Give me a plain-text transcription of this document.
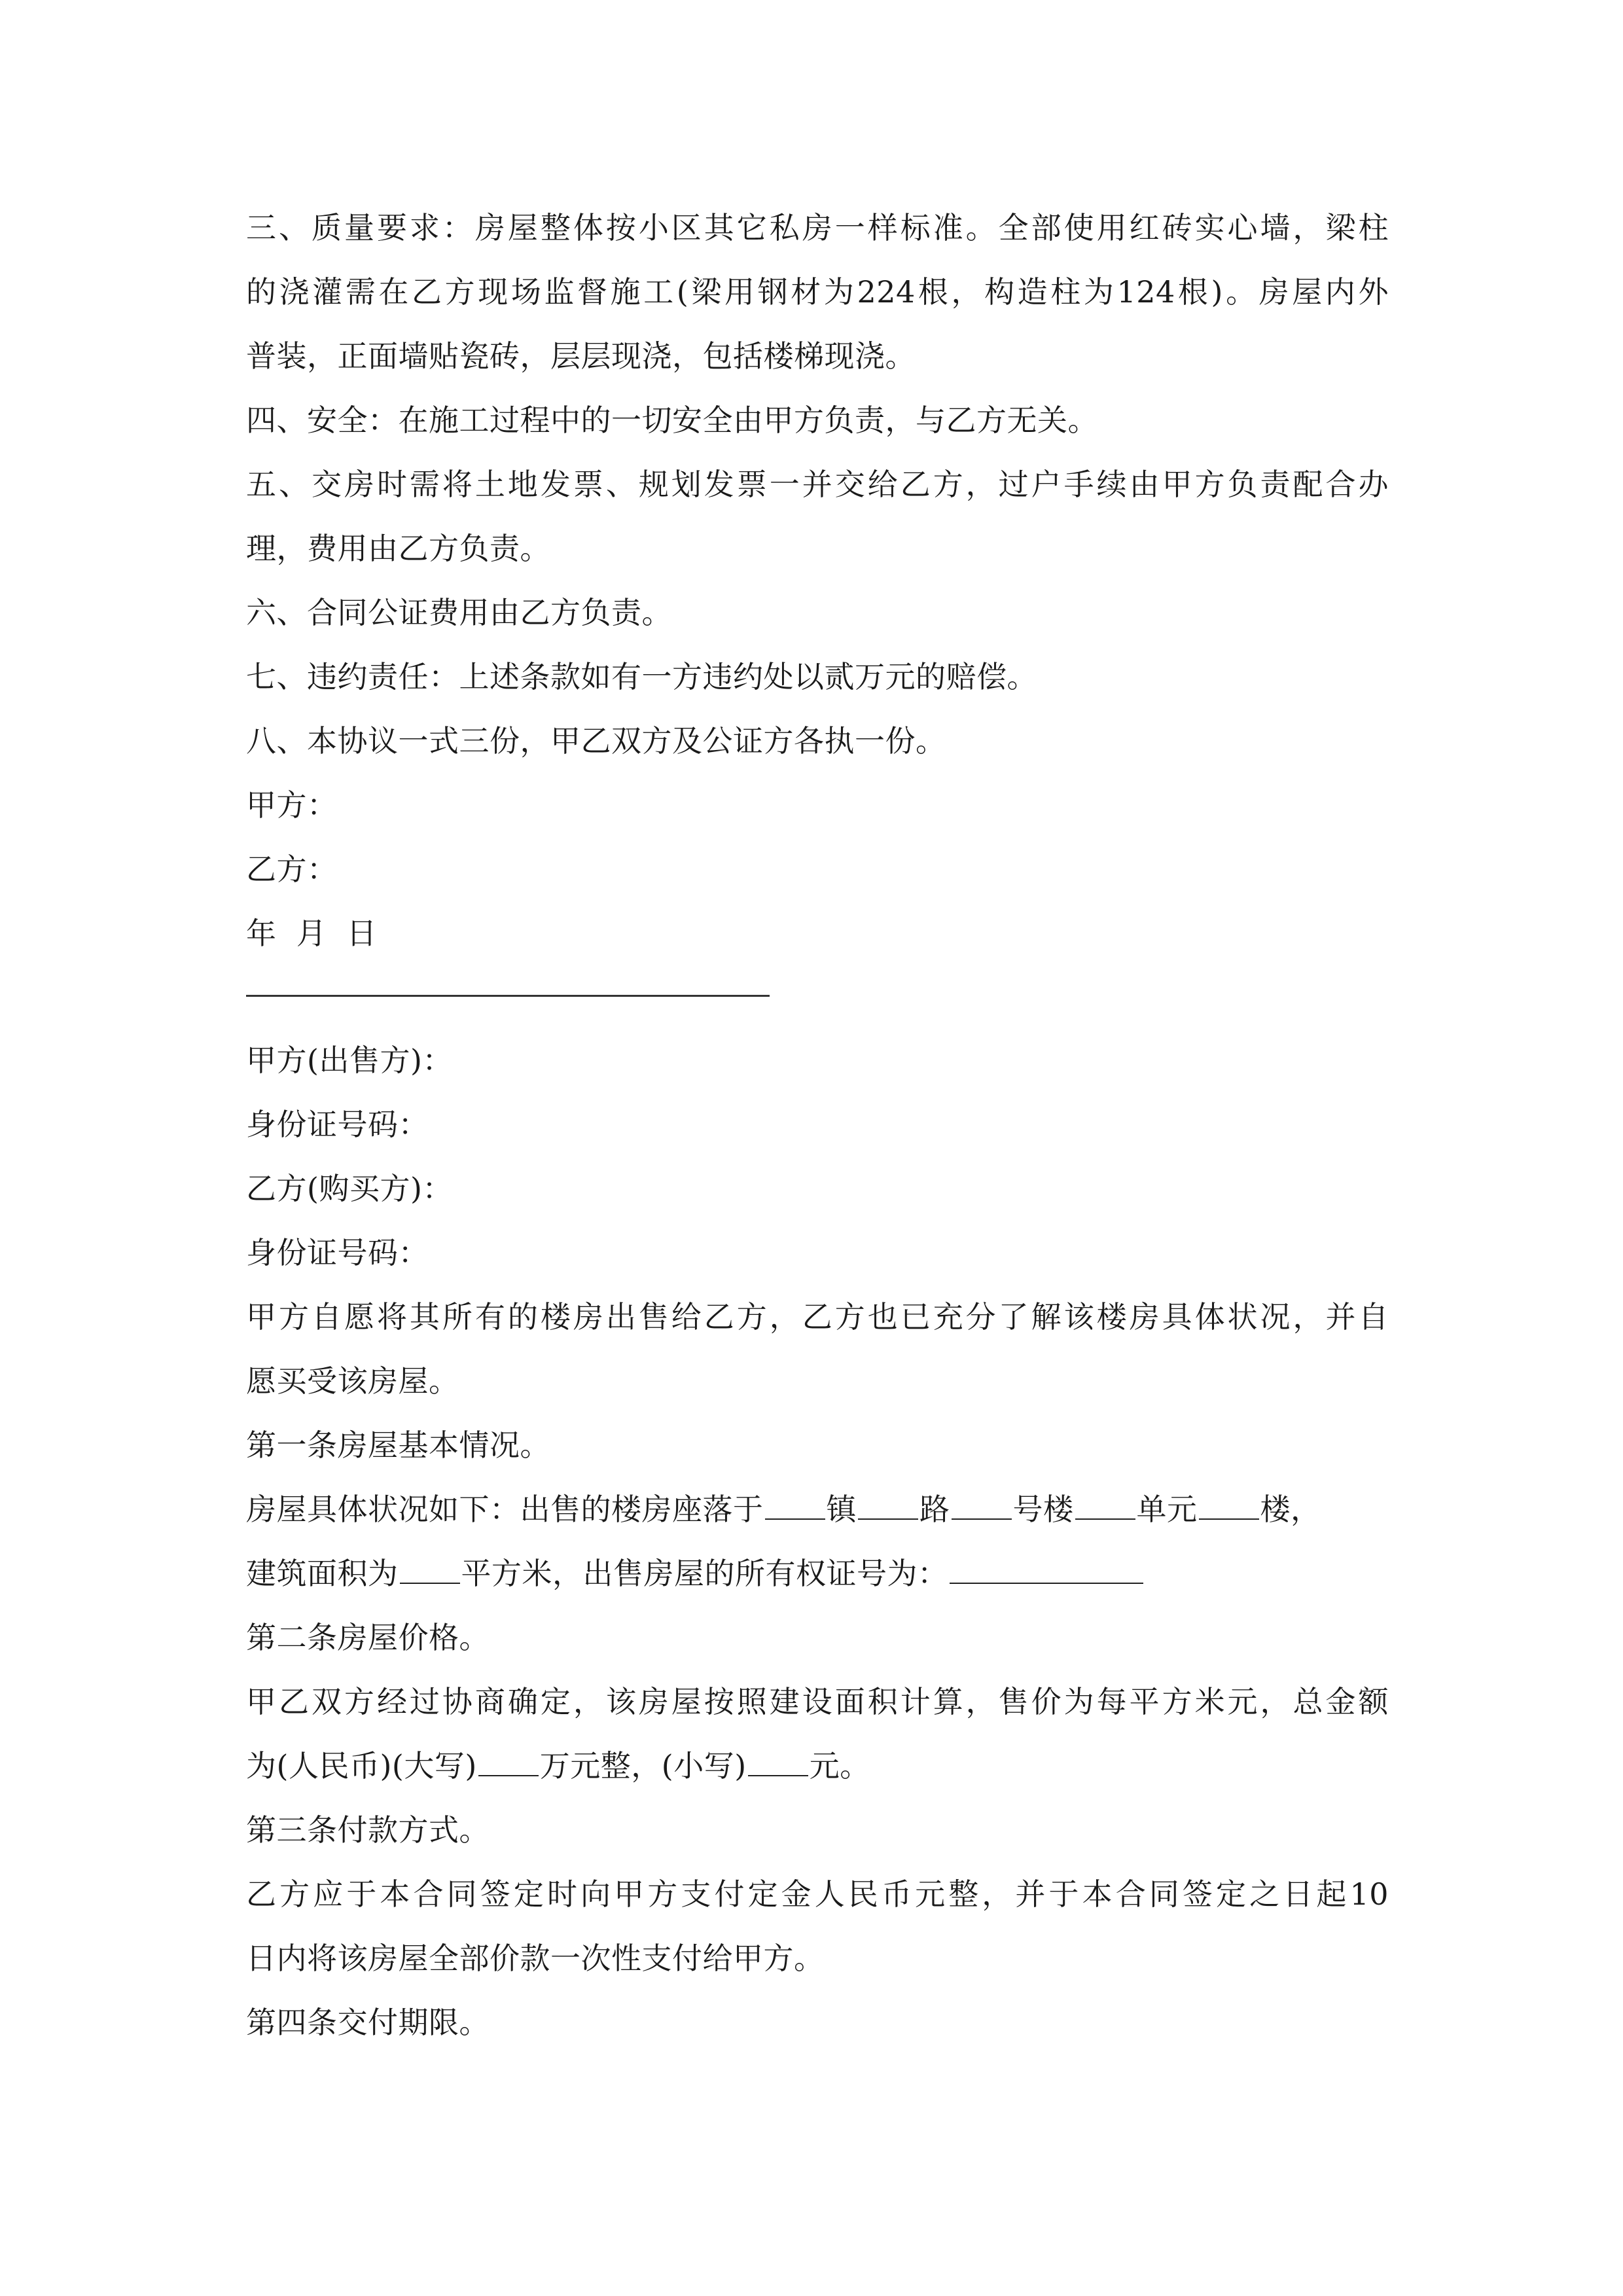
三、质量要求：房屋整体按小区其它私房一样标准。全部使用红砖实心墙，梁柱

的浇灌需在乙方现场监督施工(梁用钢材为224根，构造柱为124根)。房屋内外

普装，正面墙贴瓷砖，层层现浇，包括楼梯现浇。

四、安全：在施工过程中的一切安全由甲方负责，与乙方无关。

五、交房时需将土地发票、规划发票一并交给乙方，过户手续由甲方负责配合办

理，费用由乙方负责。

六、合同公证费用由乙方负责。

七、违约责任：上述条款如有一方违约处以贰万元的赔偿。

八、本协议一式三份，甲乙双方及公证方各执一份。

甲方：

乙方：

年  月  日

甲方(出售方)：

身份证号码：

乙方(购买方)：

身份证号码：

甲方自愿将其所有的楼房出售给乙方，乙方也已充分了解该楼房具体状况，并自

愿买受该房屋。

第一条房屋基本情况。

房屋具体状况如下：出售的楼房座落于 镇 路 号楼 单元 楼，

建筑面积为 平方米，出售房屋的所有权证号为：

第二条房屋价格。

甲乙双方经过协商确定，该房屋按照建设面积计算，售价为每平方米元，总金额

为(人民币)(大写) 万元整，(小写) 元。

第三条付款方式。

乙方应于本合同签定时向甲方支付定金人民币元整，并于本合同签定之日起10

日内将该房屋全部价款一次性支付给甲方。

第四条交付期限。
